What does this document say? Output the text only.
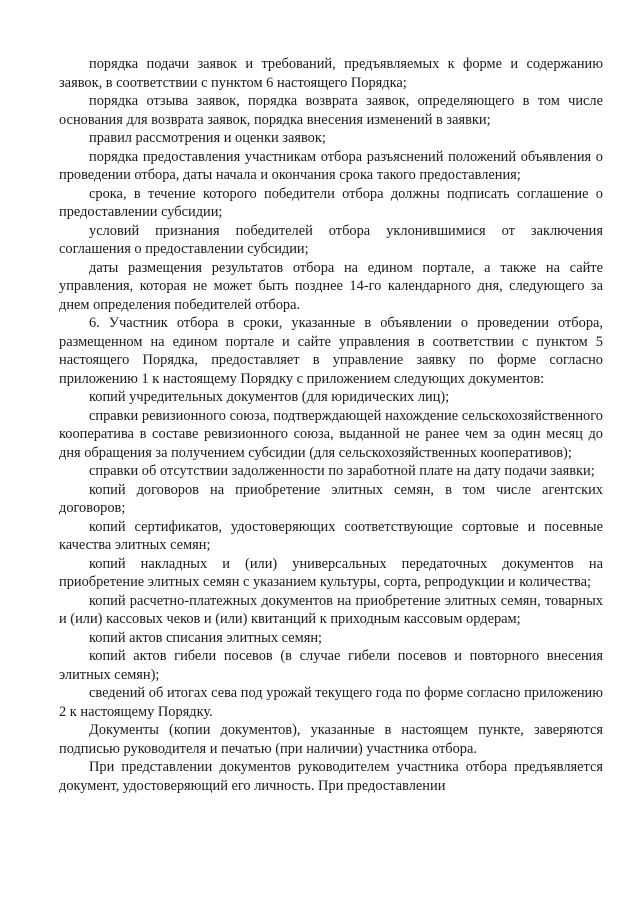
порядка подачи заявок и требований, предъявляемых к форме и содержанию заявок, в соответствии с пунктом 6 настоящего Порядка;

порядка отзыва заявок, порядка возврата заявок, определяющего в том числе основания для возврата заявок, порядка внесения изменений в заявки;

правил рассмотрения и оценки заявок;

порядка предоставления участникам отбора разъяснений положений объявления о проведении отбора, даты начала и окончания срока такого предоставления;

срока, в течение которого победители отбора должны подписать соглашение о предоставлении субсидии;

условий признания победителей отбора уклонившимися от заключения соглашения о предоставлении субсидии;

даты размещения результатов отбора на едином портале, а также на сайте управления, которая не может быть позднее 14-го календарного дня, следующего за днем определения победителей отбора.

6. Участник отбора в сроки, указанные в объявлении о проведении отбора, размещенном на едином портале и сайте управления в соответствии с пунктом 5 настоящего Порядка, предоставляет в управление заявку по форме согласно приложению 1 к настоящему Порядку с приложением следующих документов:

копий учредительных документов (для юридических лиц);

справки ревизионного союза, подтверждающей нахождение сельскохозяйственного кооператива в составе ревизионного союза, выданной не ранее чем за один месяц до дня обращения за получением субсидии (для сельскохозяйственных кооперативов);

справки об отсутствии задолженности по заработной плате на дату подачи заявки;

копий договоров на приобретение элитных семян, в том числе агентских договоров;

копий сертификатов, удостоверяющих соответствующие сортовые и посевные качества элитных семян;

копий накладных и (или) универсальных передаточных документов на приобретение элитных семян с указанием культуры, сорта, репродукции и количества;

копий расчетно-платежных документов на приобретение элитных семян, товарных и (или) кассовых чеков и (или) квитанций к приходным кассовым ордерам;

копий актов списания элитных семян;

копий актов гибели посевов (в случае гибели посевов и повторного внесения элитных семян);

сведений об итогах сева под урожай текущего года по форме согласно приложению 2 к настоящему Порядку.

Документы (копии документов), указанные в настоящем пункте, заверяются подписью руководителя и печатью (при наличии) участника отбора.

При представлении документов руководителем участника отбора предъявляется документ, удостоверяющий его личность. При предоставлении
